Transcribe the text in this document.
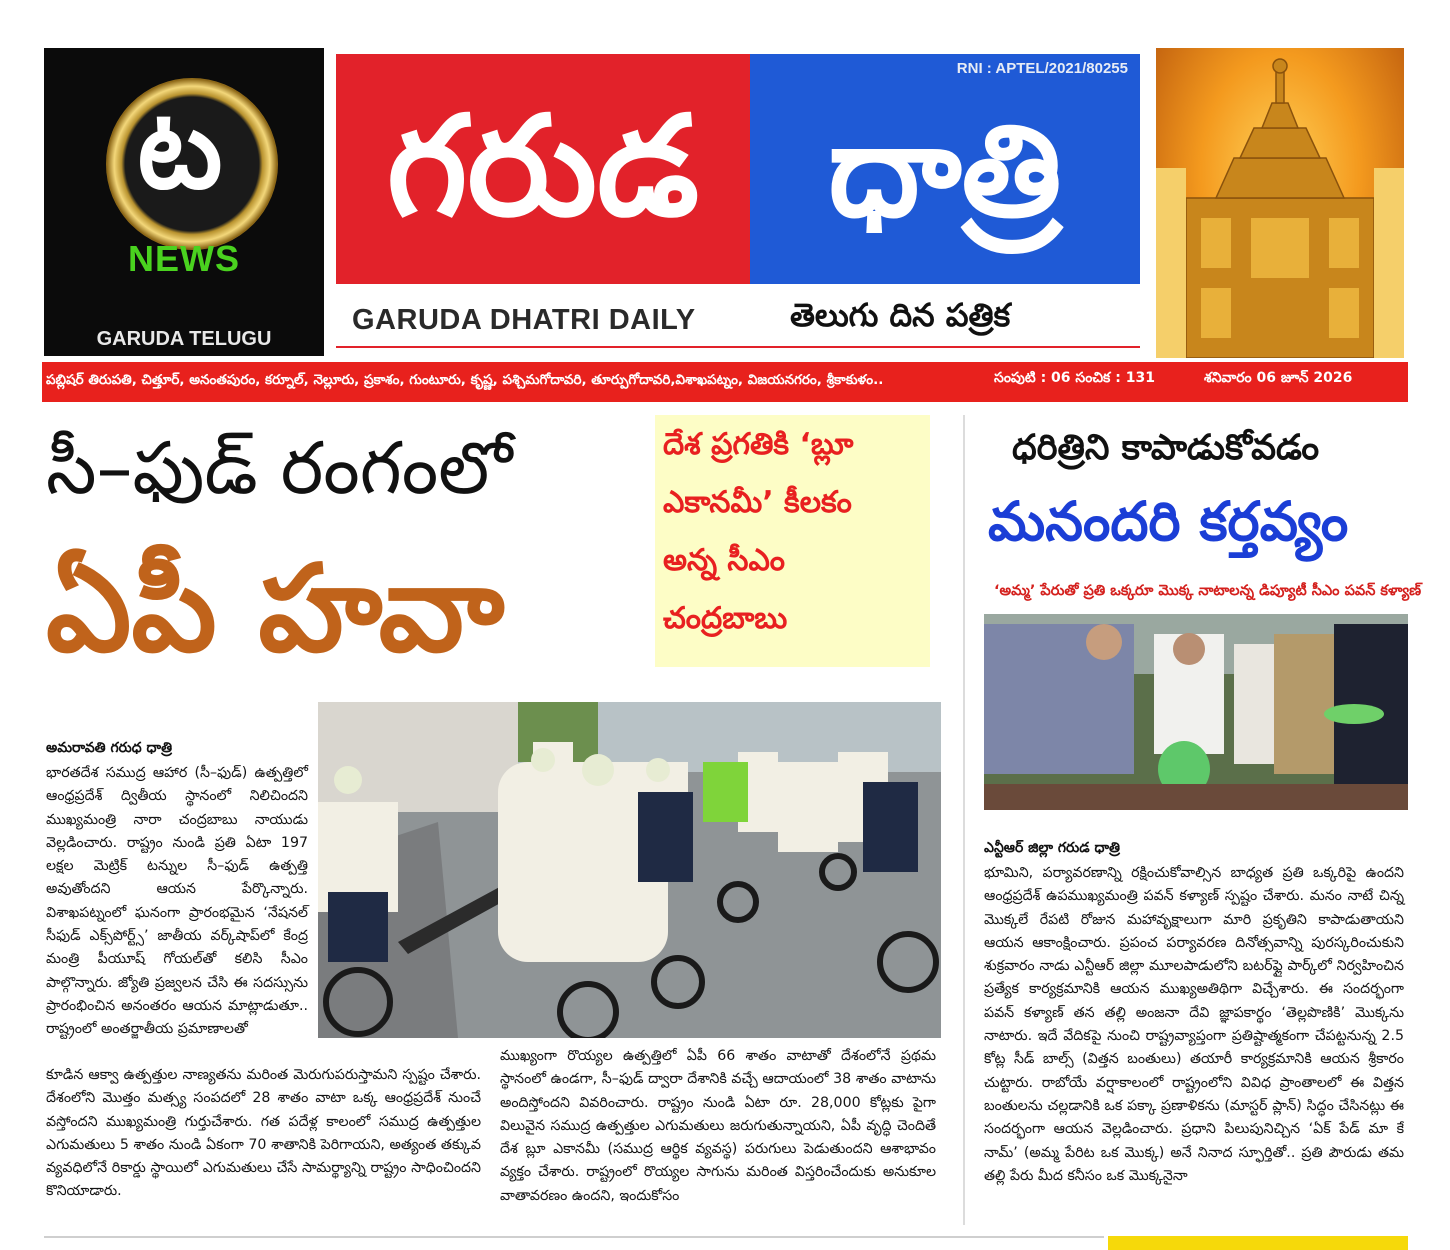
ట
NEWS
GARUDA TELUGU
గరుడ
RNI : APTEL/2021/80255
ధాత్రి
GARUDA DHATRI DAILY	తెలుగు దిన పత్రిక
పబ్లిషర్ తిరుపతి, చిత్తూర్, అనంతపురం, కర్నూల్, నెల్లూరు, ప్రకాశం, గుంటూరు, కృష్ణ, పశ్చిమగోదావరి, తూర్పుగోదావరి,విశాఖపట్నం, విజయనగరం, శ్రీకాకుళం..	సంపుటి : 06 సంచిక : 131	శనివారం 06 జూన్ 2026
సీ–ఫుడ్ రంగంలో
ఏపీ హవా
దేశ ప్రగతికి ‘బ్లూ
ఎకానమీ’ కీలకం
అన్న సీఎం
చంద్రబాబు
అమరావతి గరుధ ధాత్రి
భారతదేశ సముద్ర ఆహార (సీ–ఫుడ్) ఉత్పత్తిలో ఆంధ్రప్రదేశ్ ద్వితీయ స్థానంలో నిలిచిందని ముఖ్యమంత్రి నారా చంద్రబాబు నాయుడు వెల్లడించారు. రాష్ట్రం నుండి ప్రతి ఏటా 197 లక్షల మెట్రిక్ టన్నుల సీ–ఫుడ్ ఉత్పత్తి అవుతోందని ఆయన పేర్కొన్నారు. విశాఖపట్నంలో ఘనంగా ప్రారంభమైన ‘నేషనల్ సీఫుడ్ ఎక్స్‌పోర్ట్స్’ జాతీయ వర్క్‌షాప్‌లో కేంద్ర మంత్రి పీయూష్ గోయల్‌తో కలిసి సీఎం పాల్గొన్నారు. జ్యోతి ప్రజ్వలన చేసి ఈ సదస్సును ప్రారంభించిన అనంతరం ఆయన మాట్లాడుతూ.. రాష్ట్రంలో అంతర్జాతీయ ప్రమాణాలతో
కూడిన ఆక్వా ఉత్పత్తుల నాణ్యతను మరింత మెరుగుపరుస్తామని స్పష్టం చేశారు. దేశంలోని మొత్తం మత్స్య సంపదలో 28 శాతం వాటా ఒక్క ఆంధ్రప్రదేశ్ నుంచే వస్తోందని ముఖ్యమంత్రి గుర్తుచేశారు. గత పదేళ్ల కాలంలో సముద్ర ఉత్పత్తుల ఎగుమతులు 5 శాతం నుండి ఏకంగా 70 శాతానికి పెరిగాయని, అత్యంత తక్కువ వ్యవధిలోనే రికార్డు స్థాయిలో ఎగుమతులు చేసే సామర్థ్యాన్ని రాష్ట్రం సాధించిందని కొనియాడారు.
ముఖ్యంగా రొయ్యల ఉత్పత్తిలో ఏపీ 66 శాతం వాటాతో దేశంలోనే ప్రథమ స్థానంలో ఉండగా, సీ–ఫుడ్ ద్వారా దేశానికి వచ్చే ఆదాయంలో 38 శాతం వాటాను అందిస్తోందని వివరించారు. రాష్ట్రం నుండి ఏటా రూ. 28,000 కోట్లకు పైగా విలువైన సముద్ర ఉత్పత్తుల ఎగుమతులు జరుగుతున్నాయని, ఏపీ వృద్ధి చెందితే దేశ బ్లూ ఎకానమీ (సముద్ర ఆర్థిక వ్యవస్థ) పరుగులు పెడుతుందని ఆశాభావం వ్యక్తం చేశారు. రాష్ట్రంలో రొయ్యల సాగును మరింత విస్తరించేందుకు అనుకూల వాతావరణం ఉందని, ఇందుకోసం
ధరిత్రిని కాపాడుకోవడం
మనందరి కర్తవ్యం
‘అమ్మ’ పేరుతో ప్రతి ఒక్కరూ మొక్క నాటాలన్న డిప్యూటీ సీఎం పవన్ కళ్యాణ్
ఎన్టీఆర్ జిల్లా గరుడ ధాత్రి
భూమిని, పర్యావరణాన్ని రక్షించుకోవాల్సిన బాధ్యత ప్రతి ఒక్కరిపై ఉందని ఆంధ్రప్రదేశ్ ఉపముఖ్యమంత్రి పవన్ కళ్యాణ్ స్పష్టం చేశారు. మనం నాటే చిన్న మొక్కలే రేపటి రోజున మహావృక్షాలుగా మారి ప్రకృతిని కాపాడుతాయని ఆయన ఆకాంక్షించారు. ప్రపంచ పర్యావరణ దినోత్సవాన్ని పురస్కరించుకుని శుక్రవారం నాడు ఎన్టీఆర్ జిల్లా మూలపాడులోని బటర్‌ఫ్లై పార్క్‌లో నిర్వహించిన ప్రత్యేక కార్యక్రమానికి ఆయన ముఖ్యఅతిథిగా విచ్చేశారు. ఈ సందర్భంగా పవన్ కళ్యాణ్ తన తల్లి అంజనా దేవి జ్ఞాపకార్థం ‘తెల్లపొణికి’ మొక్కను నాటారు. ఇదే వేదికపై నుంచి రాష్ట్రవ్యాప్తంగా ప్రతిష్టాత్మకంగా చేపట్టనున్న 2.5 కోట్ల సీడ్ బాల్స్ (విత్తన బంతులు) తయారీ కార్యక్రమానికి ఆయన శ్రీకారం చుట్టారు. రాబోయే వర్షాకాలంలో రాష్ట్రంలోని వివిధ ప్రాంతాలలో ఈ విత్తన బంతులను చల్లడానికి ఒక పక్కా ప్రణాళికను (మాస్టర్ ప్లాన్) సిద్ధం చేసినట్లు ఈ సందర్భంగా ఆయన వెల్లడించారు. ప్రధాని పిలుపునిచ్చిన ‘ఏక్ పేడ్ మా కే నామ్’ (అమ్మ పేరిట ఒక మొక్క) అనే నినాద స్ఫూర్తితో.. ప్రతి పౌరుడు తమ తల్లి పేరు మీద కనీసం ఒక మొక్కనైనా
